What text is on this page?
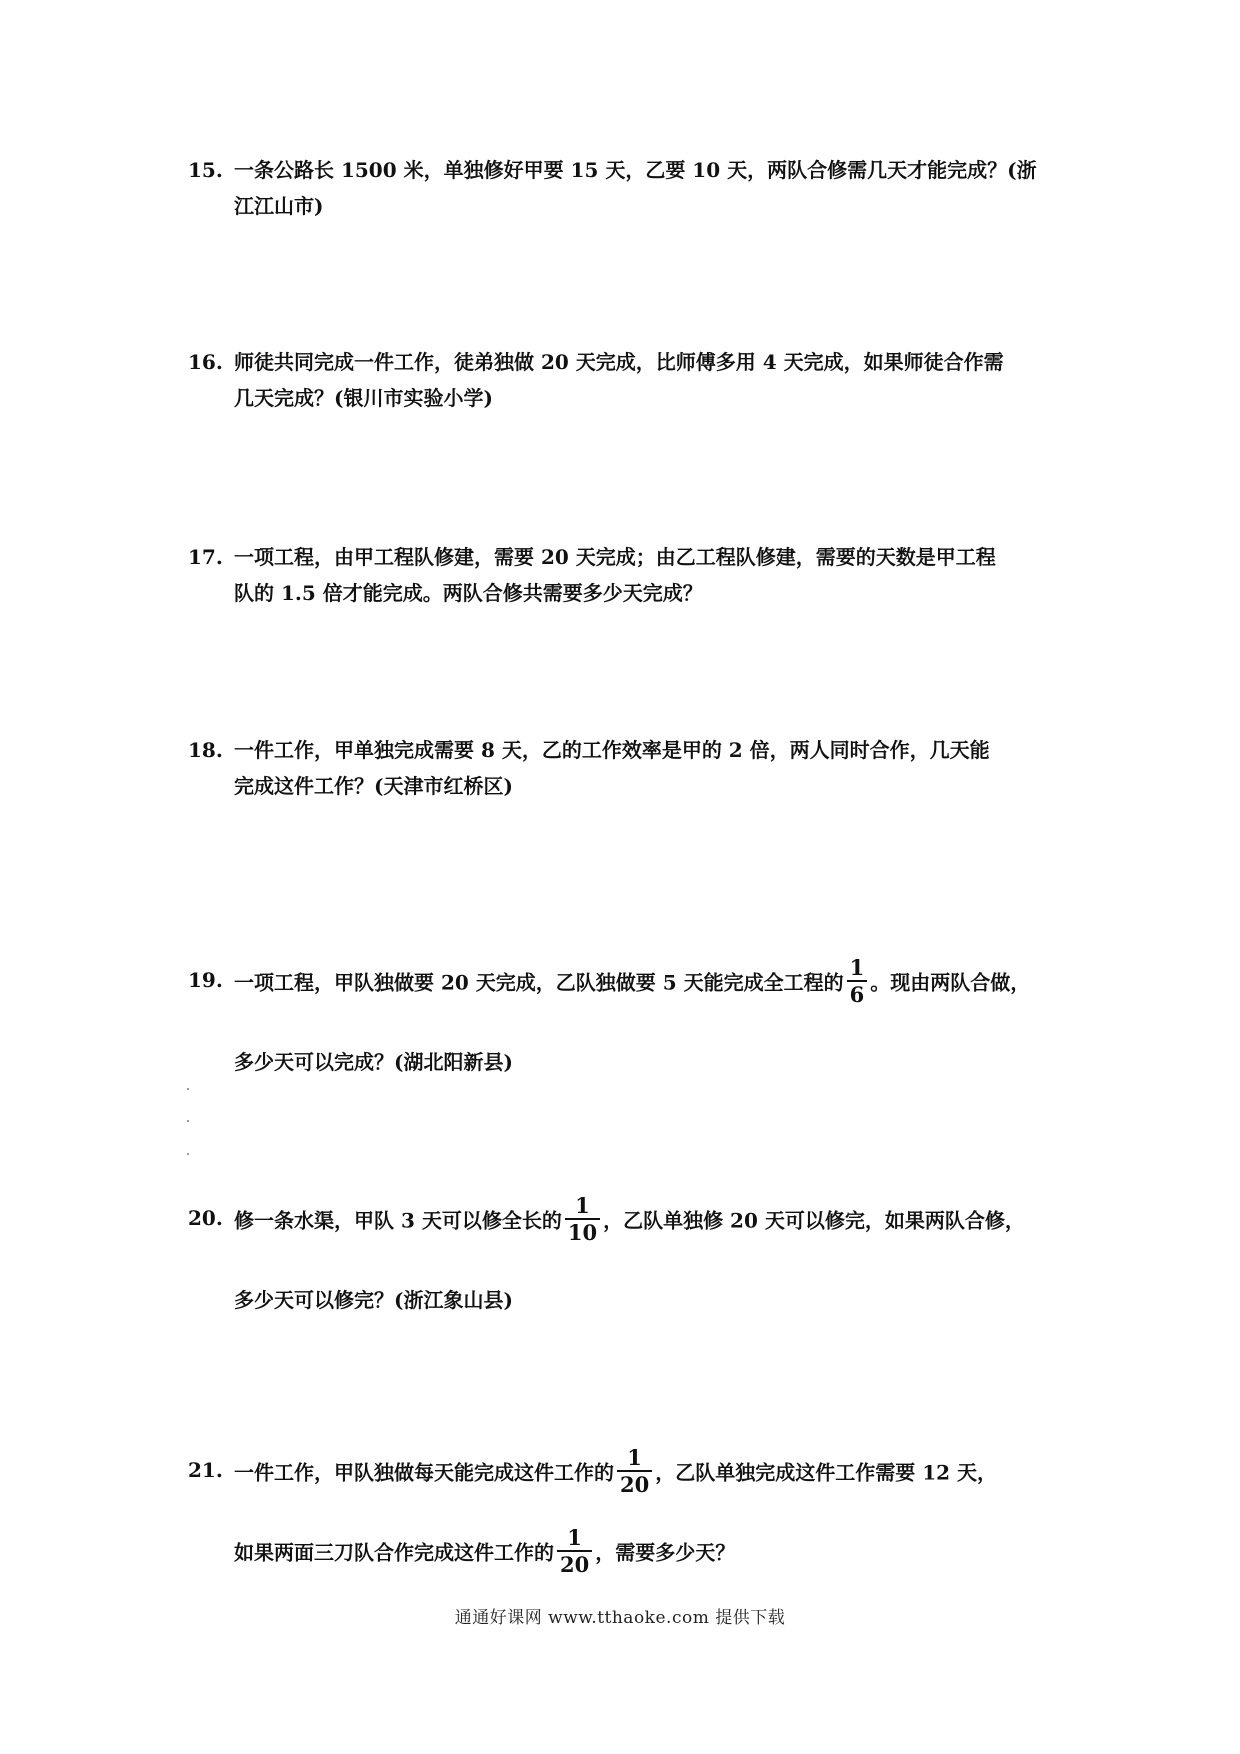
15. 一条公路长 1500 米，单独修好甲要 15 天，乙要 10 天，两队合修需几天才能完成？(浙
江江山市)
16. 师徒共同完成一件工作，徒弟独做 20 天完成，比师傅多用 4 天完成，如果师徒合作需
几天完成？(银川市实验小学)
17. 一项工程，由甲工程队修建，需要 20 天完成；由乙工程队修建，需要的天数是甲工程
队的 1.5 倍才能完成。两队合修共需要多少天完成？
18. 一件工作，甲单独完成需要 8 天，乙的工作效率是甲的 2 倍，两人同时合作，几天能
完成这件工作？(天津市红桥区)
19. 一项工程，甲队独做要 20 天完成，乙队独做要 5 天能完成全工程的 $\frac{1}{6}$ 。现由两队合做，
多少天可以完成？(湖北阳新县)
20. 修一条水渠，甲队 3 天可以修全长的 $\frac{1}{10}$ ，乙队单独修 20 天可以修完，如果两队合修，
多少天可以修完？(浙江象山县)
21. 一件工作，甲队独做每天能完成这件工作的 $\frac{1}{20}$ ，乙队单独完成这件工作需要 12 天，
如果两面三刀队合作完成这件工作的 $\frac{1}{20}$ ，需要多少天？
通通好课网 www.tthaoke.com 提供下载
